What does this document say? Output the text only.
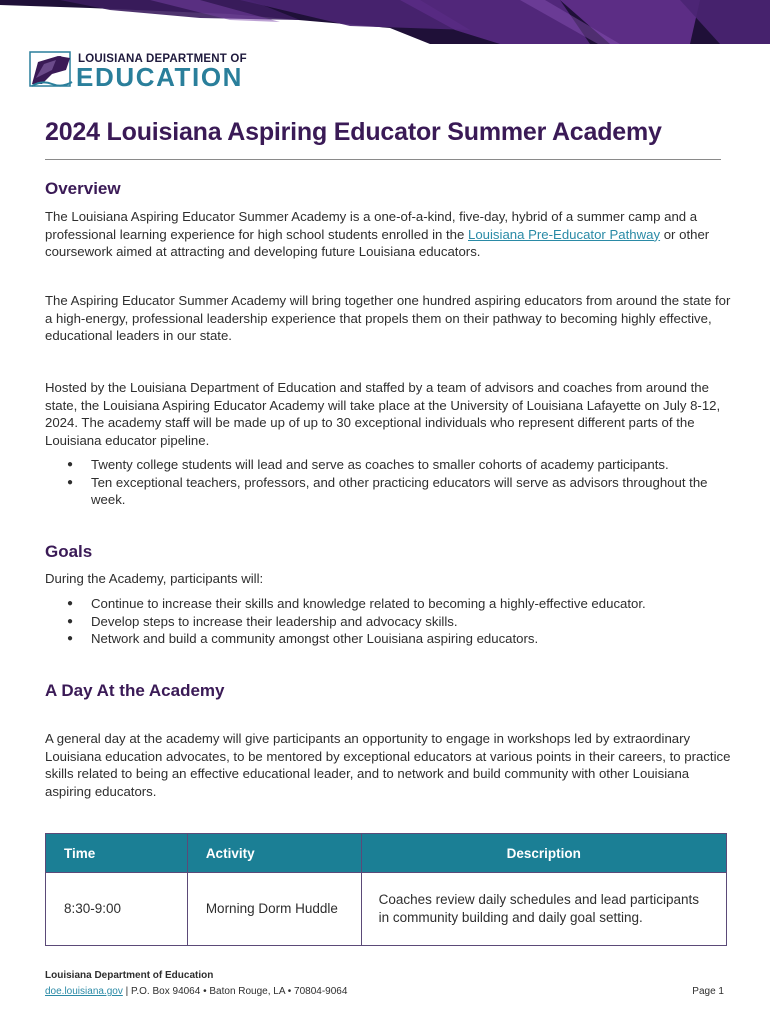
LOUISIANA DEPARTMENT OF
EDUCATION
2024 Louisiana Aspiring Educator Summer Academy
Overview

The Louisiana Aspiring Educator Summer Academy is a one-of-a-kind, five-day, hybrid of a summer camp and a professional learning experience for high school students enrolled in the Louisiana Pre-Educator Pathway or other coursework aimed at attracting and developing future Louisiana educators.

The Aspiring Educator Summer Academy will bring together one hundred aspiring educators from around the state for a high-energy, professional leadership experience that propels them on their pathway to becoming highly effective, educational leaders in our state.

Hosted by the Louisiana Department of Education and staffed by a team of advisors and coaches from around the state, the Louisiana Aspiring Educator Academy will take place at the University of Louisiana Lafayette on July 8-12, 2024. The academy staff will be made up of up to 30 exceptional individuals who represent different parts of the Louisiana educator pipeline.

● Twenty college students will lead and serve as coaches to smaller cohorts of academy participants.
● Ten exceptional teachers, professors, and other practicing educators will serve as advisors throughout the week.
Goals

During the Academy, participants will:

● Continue to increase their skills and knowledge related to becoming a highly-effective educator.
● Develop steps to increase their leadership and advocacy skills.
● Network and build a community amongst other Louisiana aspiring educators.
A Day At the Academy

A general day at the academy will give participants an opportunity to engage in workshops led by extraordinary Louisiana education advocates, to be mentored by exceptional educators at various points in their careers, to practice skills related to being an effective educational leader, and to network and build community with other Louisiana aspiring educators.

Time	Activity	Description
8:30-9:00	Morning Dorm Huddle	Coaches review daily schedules and lead participants in community building and daily goal setting.
Louisiana Department of Education
doe.louisiana.gov | P.O. Box 94064 • Baton Rouge, LA • 70804-9064	Page 1
